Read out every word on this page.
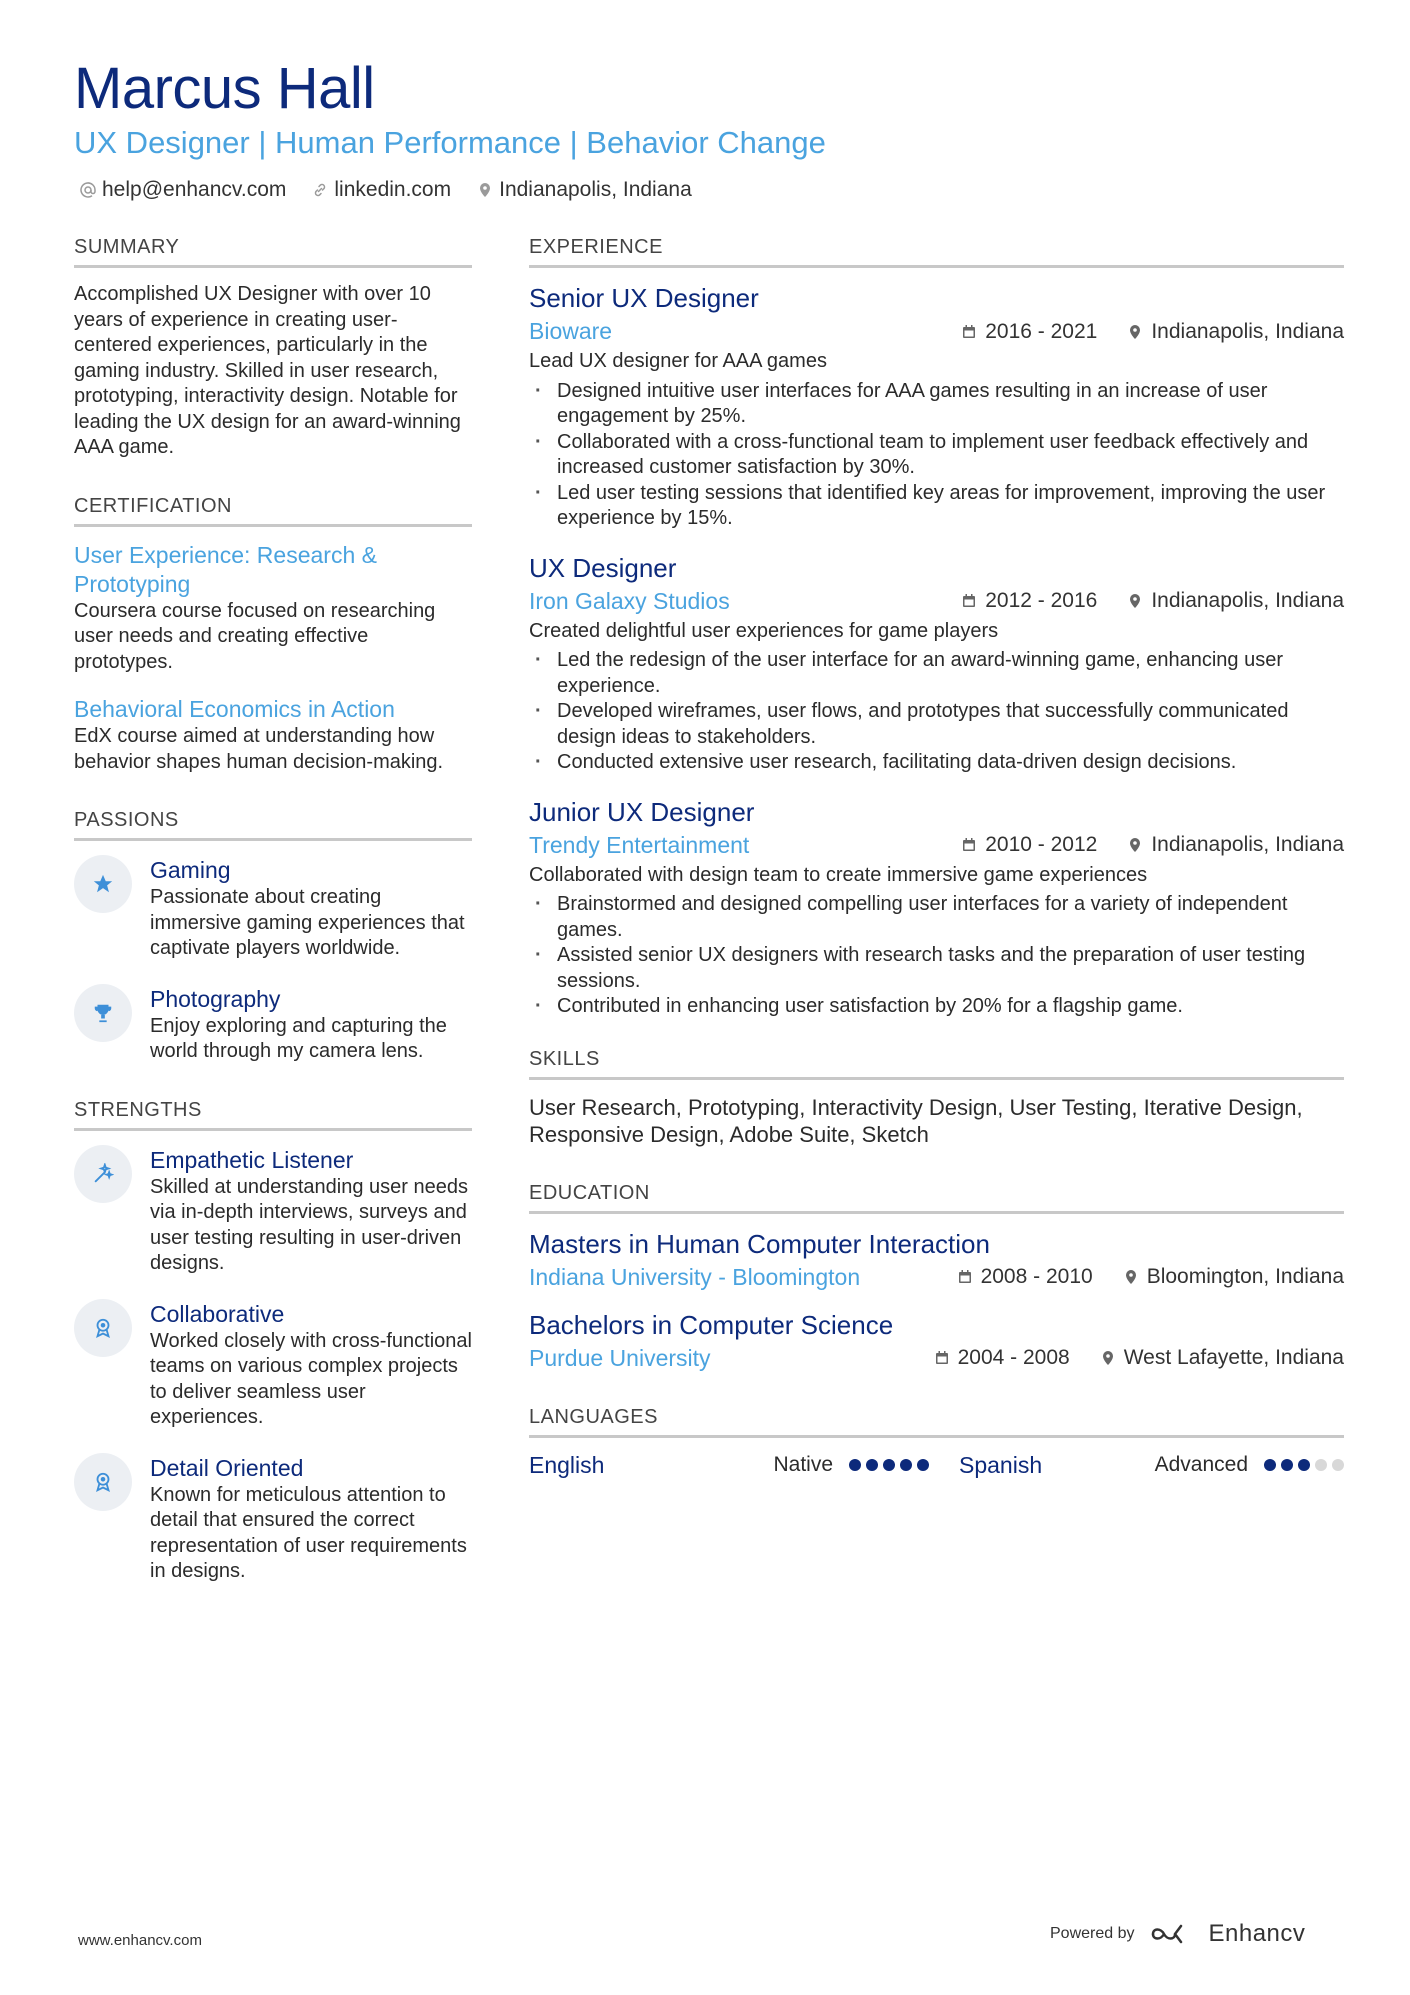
Marcus Hall
UX Designer | Human Performance | Behavior Change
help@enhancv.com linkedin.com Indianapolis, Indiana
SUMMARY
Accomplished UX Designer with over 10 years of experience in creating user-centered experiences, particularly in the gaming industry. Skilled in user research, prototyping, interactivity design. Notable for leading the UX design for an award-winning AAA game.
CERTIFICATION
User Experience: Research & Prototyping
Coursera course focused on researching user needs and creating effective prototypes.
Behavioral Economics in Action
EdX course aimed at understanding how behavior shapes human decision-making.
PASSIONS
Gaming
Passionate about creating immersive gaming experiences that captivate players worldwide.
Photography
Enjoy exploring and capturing the world through my camera lens.
STRENGTHS
Empathetic Listener
Skilled at understanding user needs via in-depth interviews, surveys and user testing resulting in user-driven designs.
Collaborative
Worked closely with cross-functional teams on various complex projects to deliver seamless user experiences.
Detail Oriented
Known for meticulous attention to detail that ensured the correct representation of user requirements in designs.
EXPERIENCE
Senior UX Designer
Bioware	2016 - 2021	Indianapolis, Indiana
Lead UX designer for AAA games
· Designed intuitive user interfaces for AAA games resulting in an increase of user engagement by 25%.
· Collaborated with a cross-functional team to implement user feedback effectively and increased customer satisfaction by 30%.
· Led user testing sessions that identified key areas for improvement, improving the user experience by 15%.
UX Designer
Iron Galaxy Studios	2012 - 2016	Indianapolis, Indiana
Created delightful user experiences for game players
· Led the redesign of the user interface for an award-winning game, enhancing user experience.
· Developed wireframes, user flows, and prototypes that successfully communicated design ideas to stakeholders.
· Conducted extensive user research, facilitating data-driven design decisions.
Junior UX Designer
Trendy Entertainment	2010 - 2012	Indianapolis, Indiana
Collaborated with design team to create immersive game experiences
· Brainstormed and designed compelling user interfaces for a variety of independent games.
· Assisted senior UX designers with research tasks and the preparation of user testing sessions.
· Contributed in enhancing user satisfaction by 20% for a flagship game.
SKILLS
User Research, Prototyping, Interactivity Design, User Testing, Iterative Design, Responsive Design, Adobe Suite, Sketch
EDUCATION
Masters in Human Computer Interaction
Indiana University - Bloomington	2008 - 2010	Bloomington, Indiana
Bachelors in Computer Science
Purdue University	2004 - 2008	West Lafayette, Indiana
LANGUAGES
English	Native	Spanish	Advanced
www.enhancv.com	Powered by	Enhancv
